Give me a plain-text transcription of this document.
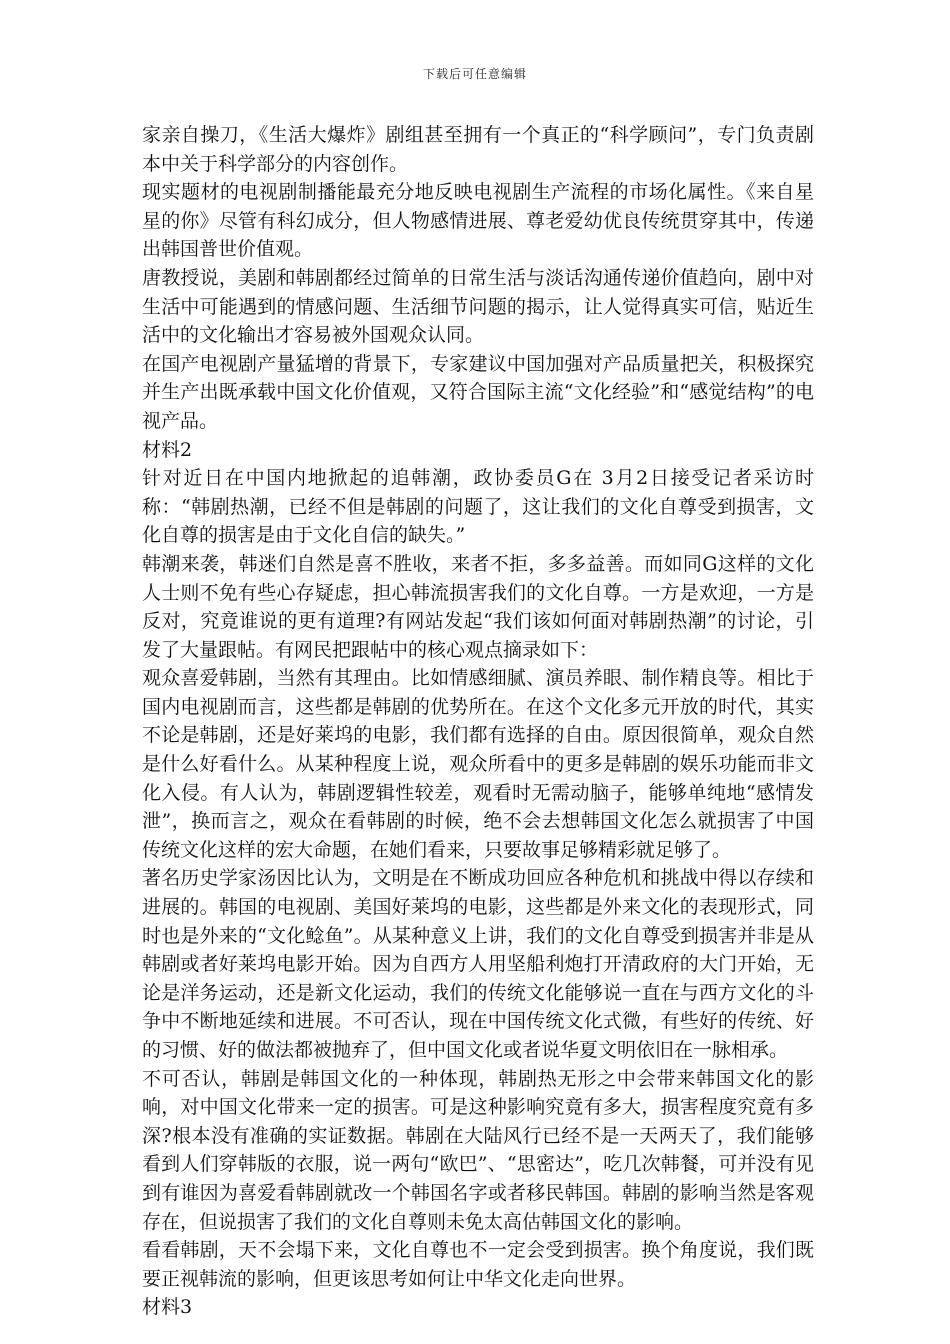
下载后可任意编辑

家亲自操刀，《生活大爆炸》剧组甚至拥有一个真正的“科学顾问”，专门负责剧本中关于科学部分的内容创作。

现实题材的电视剧制播能最充分地反映电视剧生产流程的市场化属性。《来自星星的你》尽管有科幻成分，但人物感情进展、尊老爱幼优良传统贯穿其中，传递出韩国普世价值观。

唐教授说，美剧和韩剧都经过简单的日常生活与淡话沟通传递价值趋向，剧中对生活中可能遇到的情感问题、生活细节问题的揭示，让人觉得真实可信，贴近生活中的文化输出才容易被外国观众认同。

在国产电视剧产量猛增的背景下，专家建议中国加强对产品质量把关，积极探究并生产出既承载中国文化价值观，又符合国际主流“文化经验”和“感觉结构”的电视产品。

材料2

针对近日在中国内地掀起的追韩潮，政协委员G在 3月2日接受记者采访时称：“韩剧热潮，已经不但是韩剧的问题了，这让我们的文化自尊受到损害，文化自尊的损害是由于文化自信的缺失。”

韩潮来袭，韩迷们自然是喜不胜收，来者不拒，多多益善。而如同G这样的文化人士则不免有些心存疑虑，担心韩流损害我们的文化自尊。一方是欢迎，一方是反对，究竟谁说的更有道理?有网站发起“我们该如何面对韩剧热潮”的讨论，引发了大量跟帖。有网民把跟帖中的核心观点摘录如下：

观众喜爱韩剧，当然有其理由。比如情感细腻、演员养眼、制作精良等。相比于国内电视剧而言，这些都是韩剧的优势所在。在这个文化多元开放的时代，其实不论是韩剧，还是好莱坞的电影，我们都有选择的自由。原因很简单，观众自然是什么好看什么。从某种程度上说，观众所看中的更多是韩剧的娱乐功能而非文化入侵。有人认为，韩剧逻辑性较差，观看时无需动脑子，能够单纯地“感情发泄”，换而言之，观众在看韩剧的时候，绝不会去想韩国文化怎么就损害了中国传统文化这样的宏大命题，在她们看来，只要故事足够精彩就足够了。

著名历史学家汤因比认为，文明是在不断成功回应各种危机和挑战中得以存续和进展的。韩国的电视剧、美国好莱坞的电影，这些都是外来文化的表现形式，同时也是外来的“文化鲶鱼”。从某种意义上讲，我们的文化自尊受到损害并非是从韩剧或者好莱坞电影开始。因为自西方人用坚船利炮打开清政府的大门开始，无论是洋务运动，还是新文化运动，我们的传统文化能够说一直在与西方文化的斗争中不断地延续和进展。不可否认，现在中国传统文化式微，有些好的传统、好的习惯、好的做法都被抛弃了，但中国文化或者说华夏文明依旧在一脉相承。

不可否认，韩剧是韩国文化的一种体现，韩剧热无形之中会带来韩国文化的影响，对中国文化带来一定的损害。可是这种影响究竟有多大，损害程度究竟有多深?根本没有准确的实证数据。韩剧在大陆风行已经不是一天两天了，我们能够看到人们穿韩版的衣服，说一两句“欧巴”、“思密达”，吃几次韩餐，可并没有见到有谁因为喜爱看韩剧就改一个韩国名字或者移民韩国。韩剧的影响当然是客观存在，但说损害了我们的文化自尊则未免太高估韩国文化的影响。

看看韩剧，天不会塌下来，文化自尊也不一定会受到损害。换个角度说，我们既要正视韩流的影响，但更该思考如何让中华文化走向世界。

材料3
